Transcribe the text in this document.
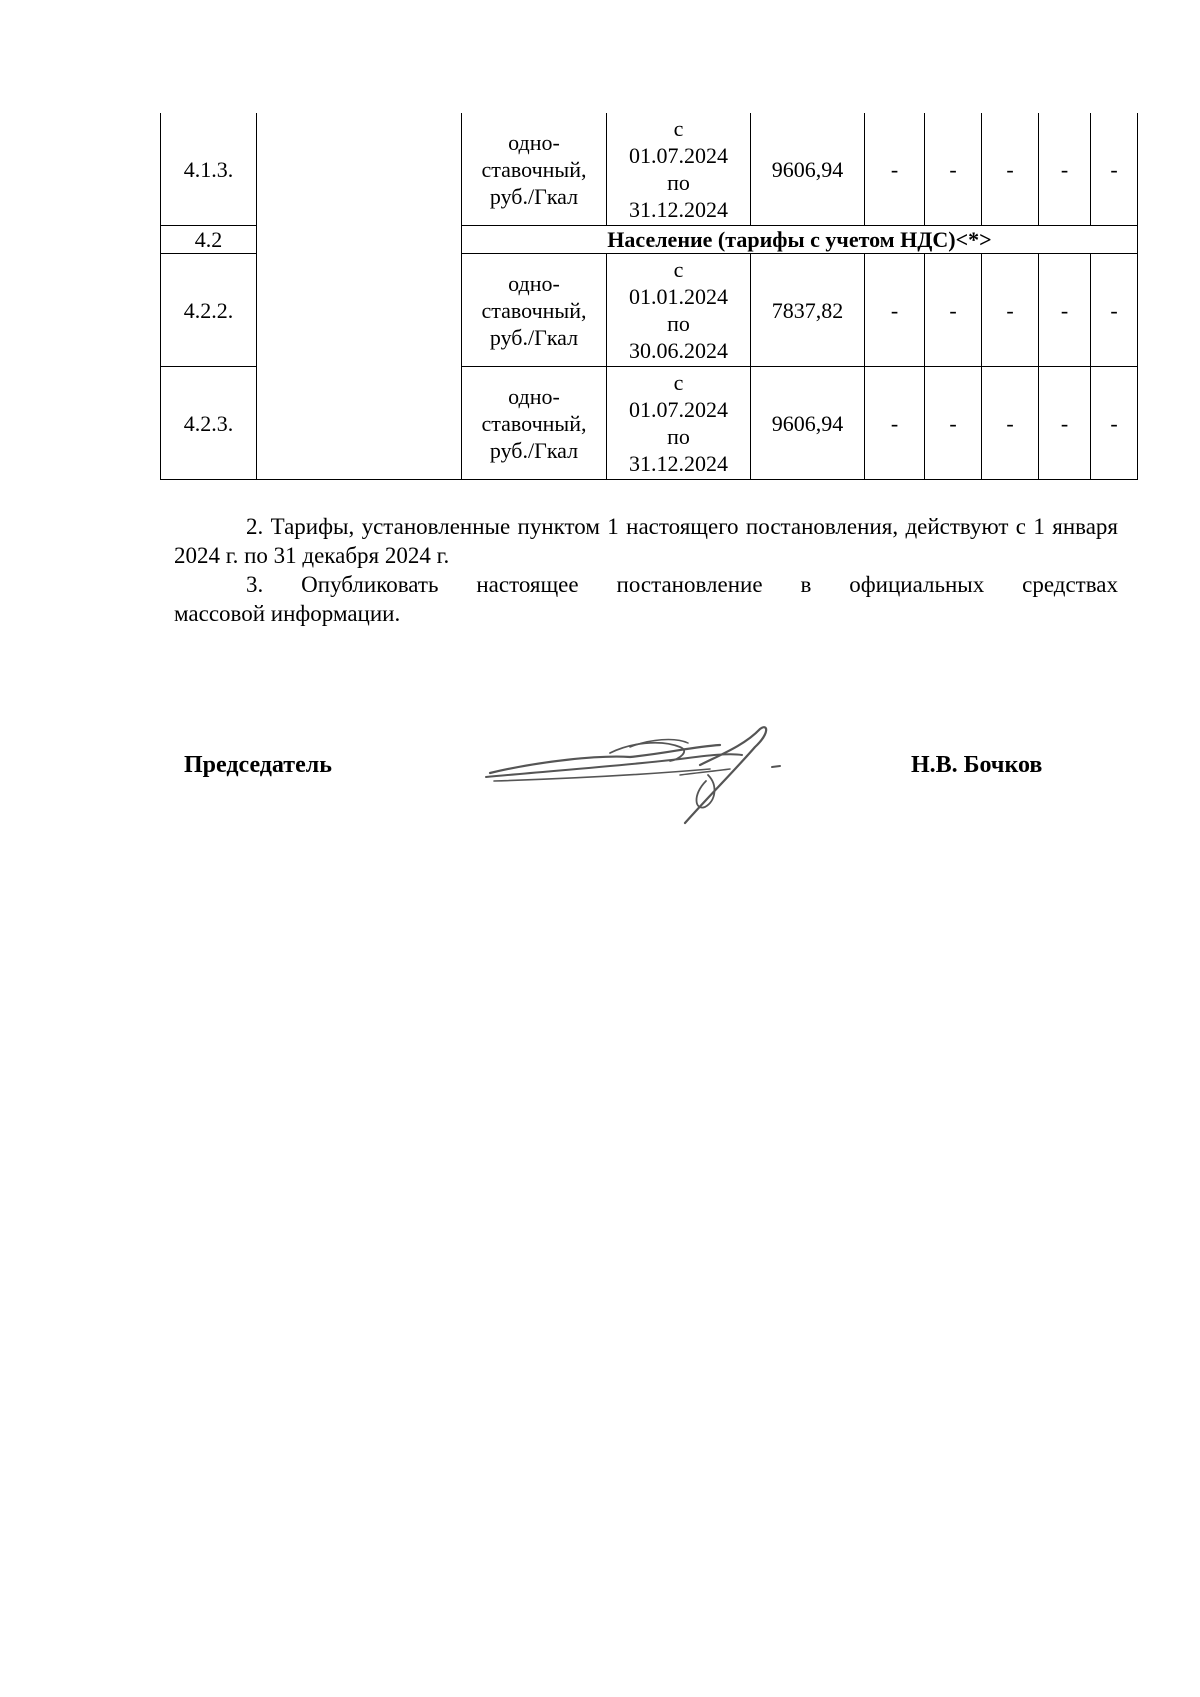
4.1.3.		одно-
ставочный,
руб./Гкал	с
01.07.2024
по
31.12.2024	9606,94	-	-	-	-	-
4.2		Население (тарифы с учетом НДС)<*>							
4.2.2.		одно-
ставочный,
руб./Гкал	с
01.01.2024
по
30.06.2024	7837,82	-	-	-	-	-
4.2.3.		одно-
ставочный,
руб./Гкал	с
01.07.2024
по
31.12.2024	9606,94	-	-	-	-	-

2. Тарифы, установленные пунктом 1 настоящего постановления, действуют с 1 января 2024 г. по 31 декабря 2024 г.

3. Опубликовать настоящее постановление в официальных средствах
массовой информации.

Председатель	Н.В. Бочков
